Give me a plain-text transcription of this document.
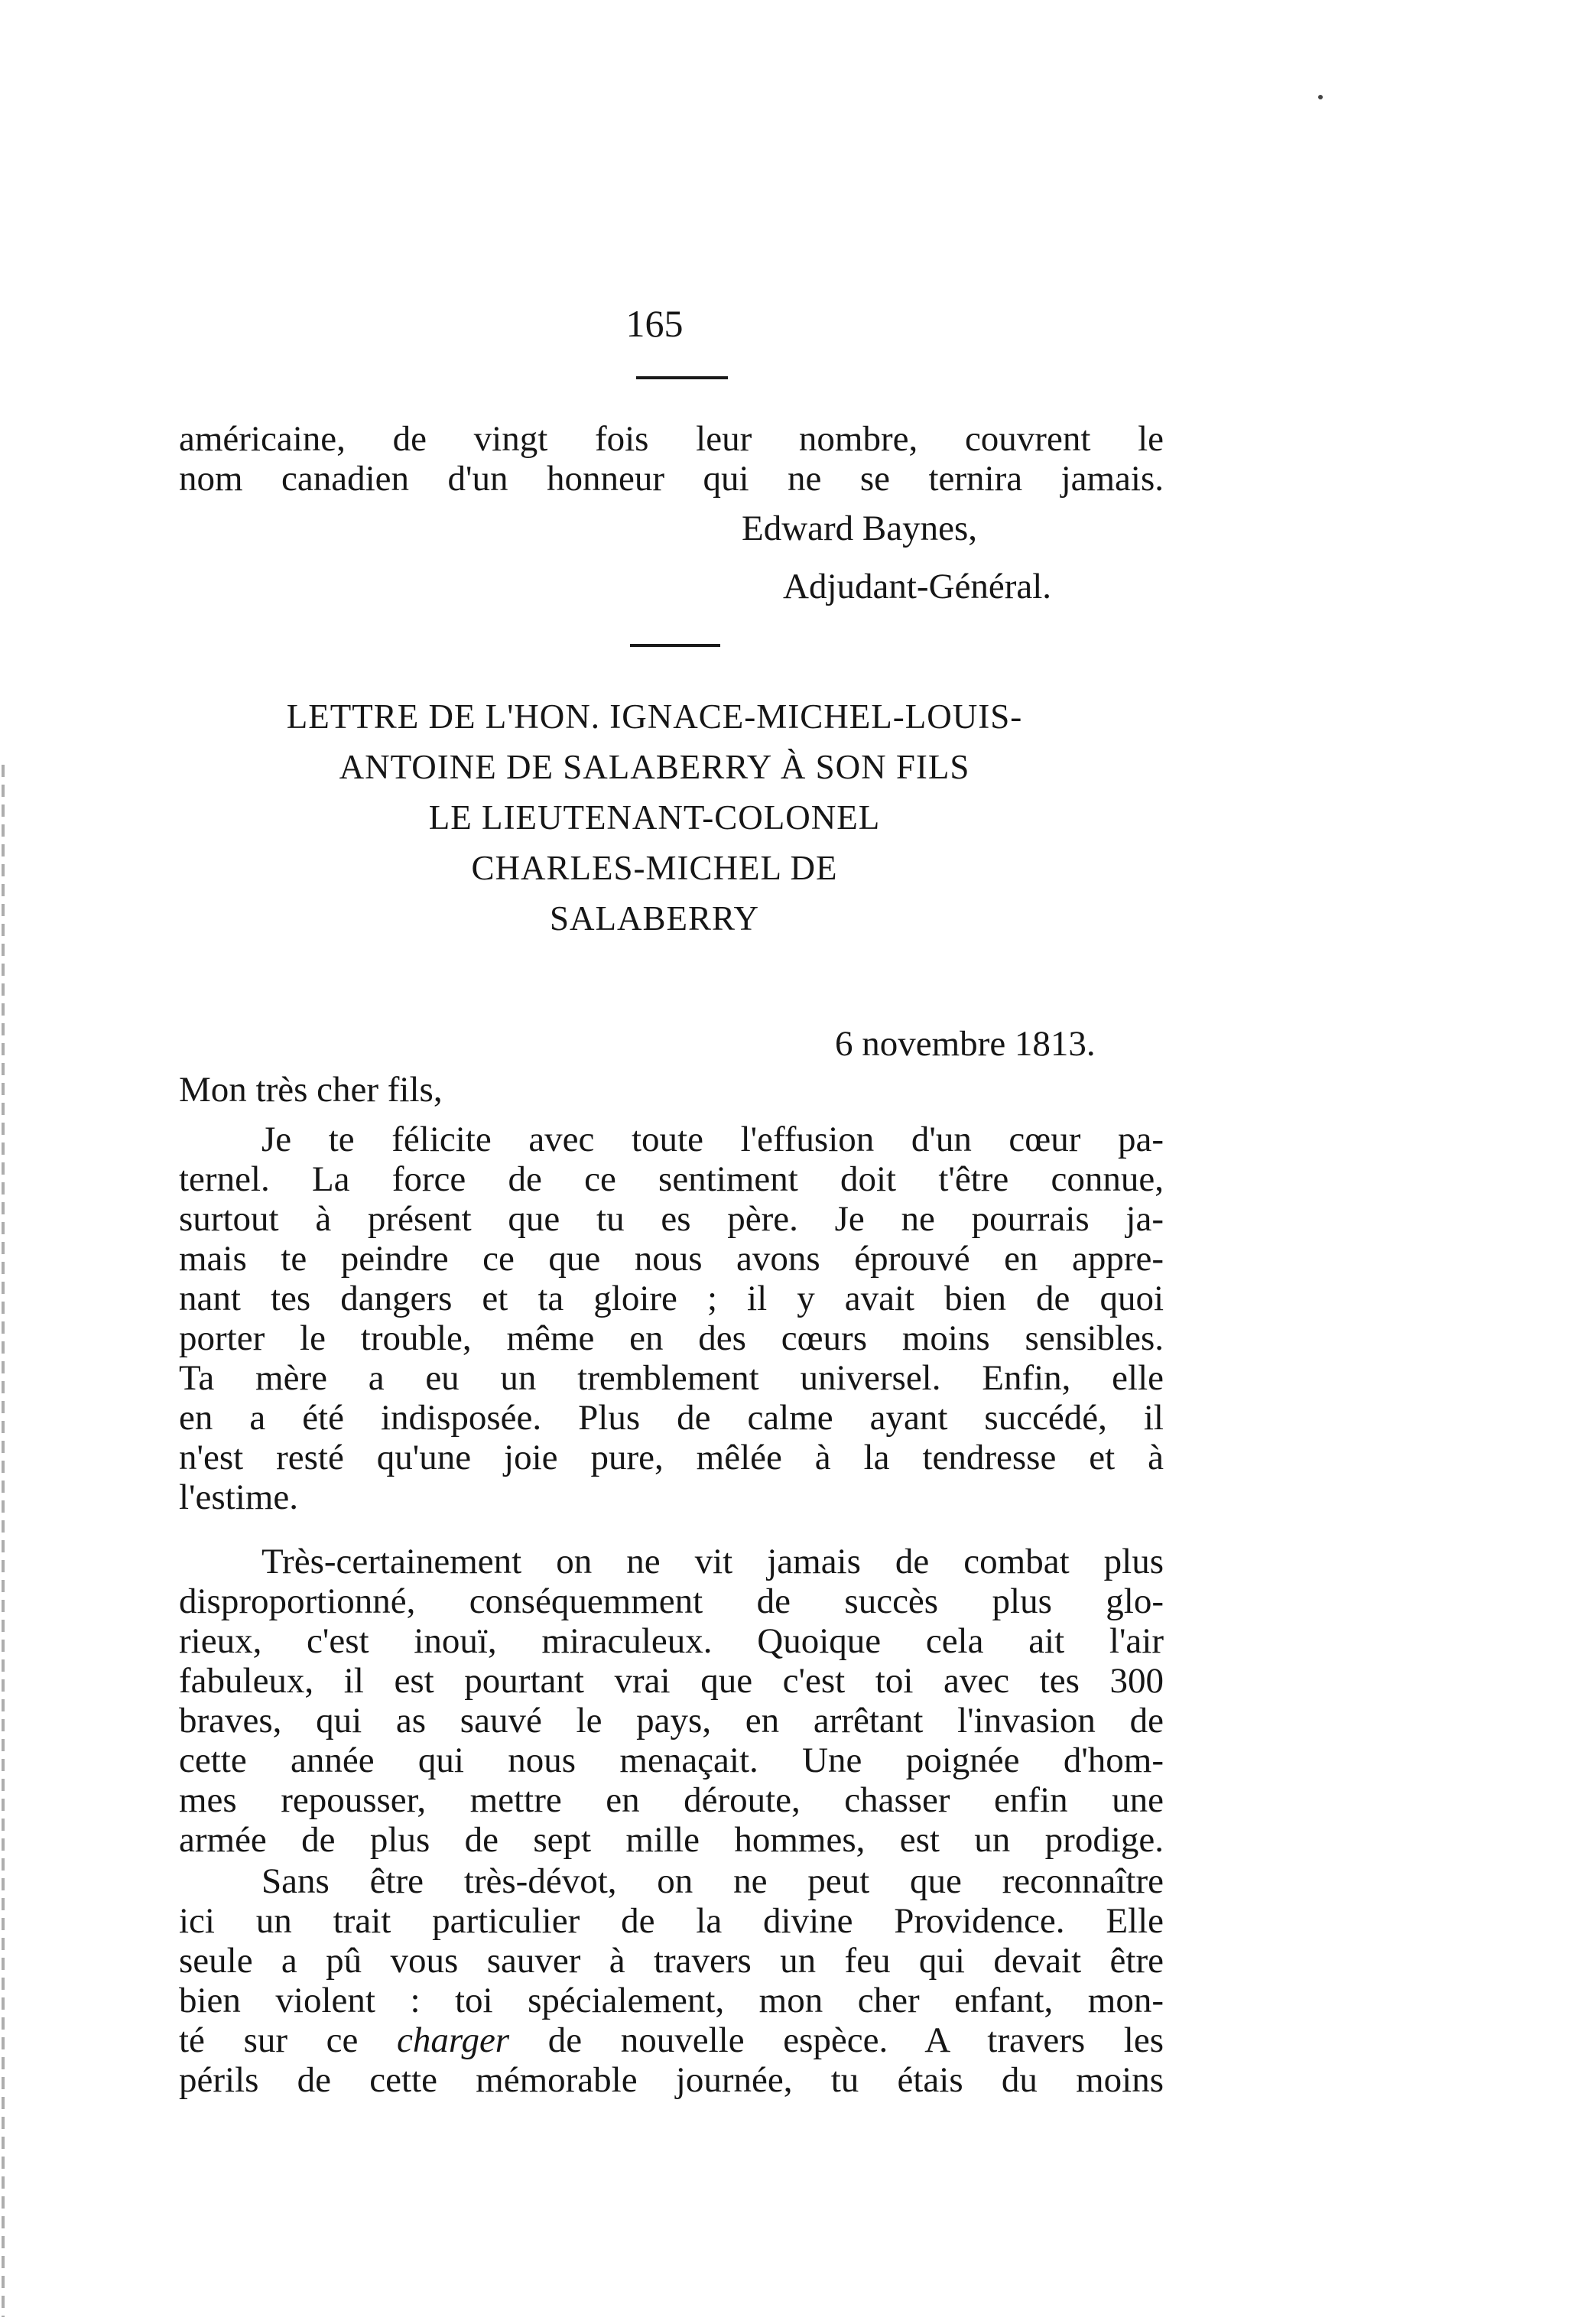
165
américaine, de vingt fois leur nombre, couvrent le
nom canadien d'un honneur qui ne se ternira jamais.
Edward Baynes,
Adjudant-Général.
LETTRE DE L'HON. IGNACE-MICHEL-LOUIS-
ANTOINE DE SALABERRY À SON FILS
LE LIEUTENANT-COLONEL
CHARLES-MICHEL DE
SALABERRY
6 novembre 1813.
Mon très cher fils,
Je te félicite avec toute l'effusion d'un cœur pa-
ternel. La force de ce sentiment doit t'être connue,
surtout à présent que tu es père. Je ne pourrais ja-
mais te peindre ce que nous avons éprouvé en appre-
nant tes dangers et ta gloire ; il y avait bien de quoi
porter le trouble, même en des cœurs moins sensibles.
Ta mère a eu un tremblement universel. Enfin, elle
en a été indisposée. Plus de calme ayant succédé, il
n'est resté qu'une joie pure, mêlée à la tendresse et à
l'estime.
Très-certainement on ne vit jamais de combat plus
disproportionné, conséquemment de succès plus glo-
rieux, c'est inouï, miraculeux. Quoique cela ait l'air
fabuleux, il est pourtant vrai que c'est toi avec tes 300
braves, qui as sauvé le pays, en arrêtant l'invasion de
cette année qui nous menaçait. Une poignée d'hom-
mes repousser, mettre en déroute, chasser enfin une
armée de plus de sept mille hommes, est un prodige.
Sans être très-dévot, on ne peut que reconnaître
ici un trait particulier de la divine Providence. Elle
seule a pû vous sauver à travers un feu qui devait être
bien violent : toi spécialement, mon cher enfant, mon-
té sur ce charger de nouvelle espèce. A travers les
périls de cette mémorable journée, tu étais du moins
